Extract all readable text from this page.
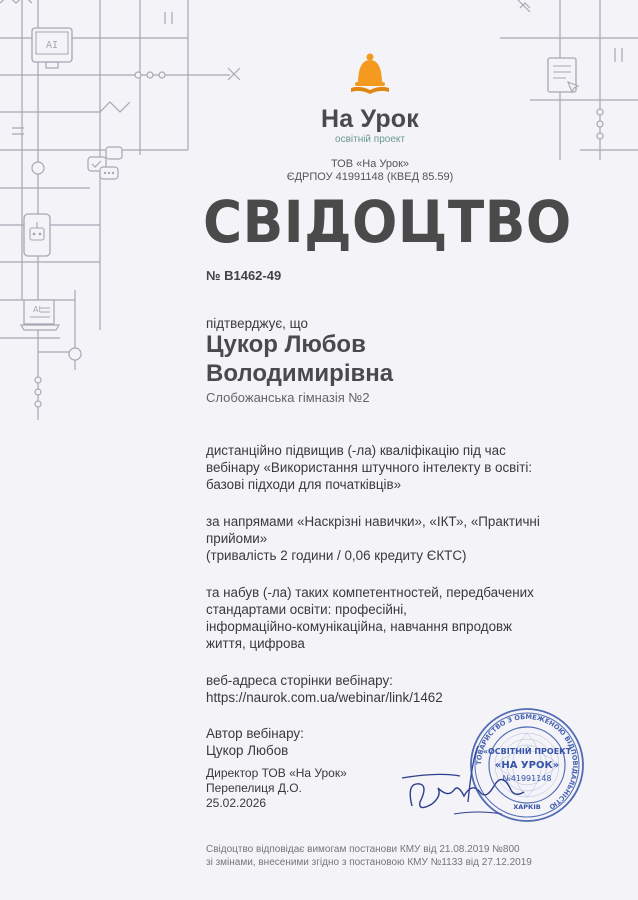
AI
AI
На Урок
освітній проект
ТОВ «На Урок»
ЄДРПОУ 41991148 (КВЕД 85.59)
СВІДОЦТВО
№ В1462-49
підтверджує, що
Цукор Любов
Володимирівна
Слобожанська гімназія №2
дистанційно підвищив (-ла) кваліфікацію під час
вебінару «Використання штучного інтелекту в освіті:
базові підходи для початківців»
за напрямами «Наскрізні навички», «ІКТ», «Практичні
прийоми»
(тривалість 2 години / 0,06 кредиту ЄКТС)
та набув (-ла) таких компетентностей, передбачених
стандартами освіти: професійні,
інформаційно-комунікаційна, навчання впродовж
життя, цифрова
веб-адреса сторінки вебінару:
https://naurok.com.ua/webinar/link/1462
Автор вебінару:
Цукор Любов
Директор ТОВ «На Урок»
Перепелиця Д.О.
25.02.2026
ТОВАРИСТВО З ОБМЕЖЕНОЮ ВІДПОВІДАЛЬНІСТЮ
«ОСВІТНІЙ ПРОЕКТ
«НА УРОК»
№41991148
ХАРКІВ
Свідоцтво відповідає вимогам постанови КМУ від 21.08.2019 №800
зі змінами, внесеними згідно з постановою КМУ №1133 від 27.12.2019
